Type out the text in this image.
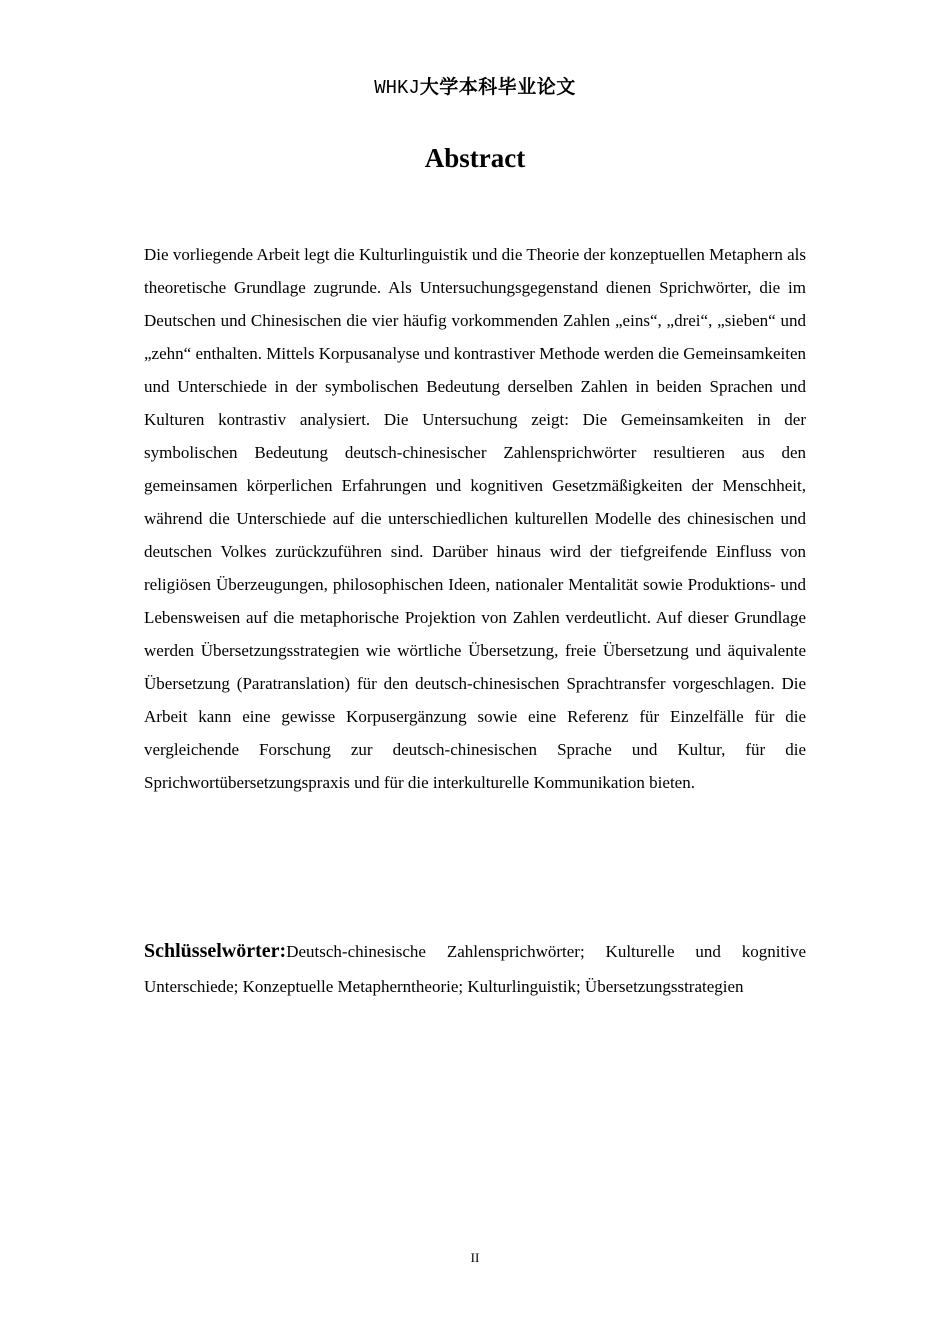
WHKJ大学本科毕业论文
Abstract

Die vorliegende Arbeit legt die Kulturlinguistik und die Theorie der konzeptuellen Metaphern als theoretische Grundlage zugrunde. Als Untersuchungsgegenstand dienen Sprichwörter, die im Deutschen und Chinesischen die vier häufig vorkommenden Zahlen „eins“, „drei“, „sieben“ und „zehn“ enthalten. Mittels Korpusanalyse und kontrastiver Methode werden die Gemeinsamkeiten und Unterschiede in der symbolischen Bedeutung derselben Zahlen in beiden Sprachen und Kulturen kontrastiv analysiert. Die Untersuchung zeigt: Die Gemeinsamkeiten in der symbolischen Bedeutung deutsch-chinesischer Zahlensprichwörter resultieren aus den gemeinsamen körperlichen Erfahrungen und kognitiven Gesetzmäßigkeiten der Menschheit, während die Unterschiede auf die unterschiedlichen kulturellen Modelle des chinesischen und deutschen Volkes zurückzuführen sind. Darüber hinaus wird der tiefgreifende Einfluss von religiösen Überzeugungen, philosophischen Ideen, nationaler Mentalität sowie Produktions- und Lebensweisen auf die metaphorische Projektion von Zahlen verdeutlicht. Auf dieser Grundlage werden Übersetzungsstrategien wie wörtliche Übersetzung, freie Übersetzung und äquivalente Übersetzung (Paratranslation) für den deutsch-chinesischen Sprachtransfer vorgeschlagen. Die Arbeit kann eine gewisse Korpusergänzung sowie eine Referenz für Einzelfälle für die vergleichende Forschung zur deutsch-chinesischen Sprache und Kultur, für die Sprichwortübersetzungspraxis und für die interkulturelle Kommunikation bieten.

Schlüsselwörter:Deutsch-chinesische Zahlensprichwörter; Kulturelle und kognitive Unterschiede; Konzeptuelle Metapherntheorie; Kulturlinguistik; Übersetzungsstrategien

II
